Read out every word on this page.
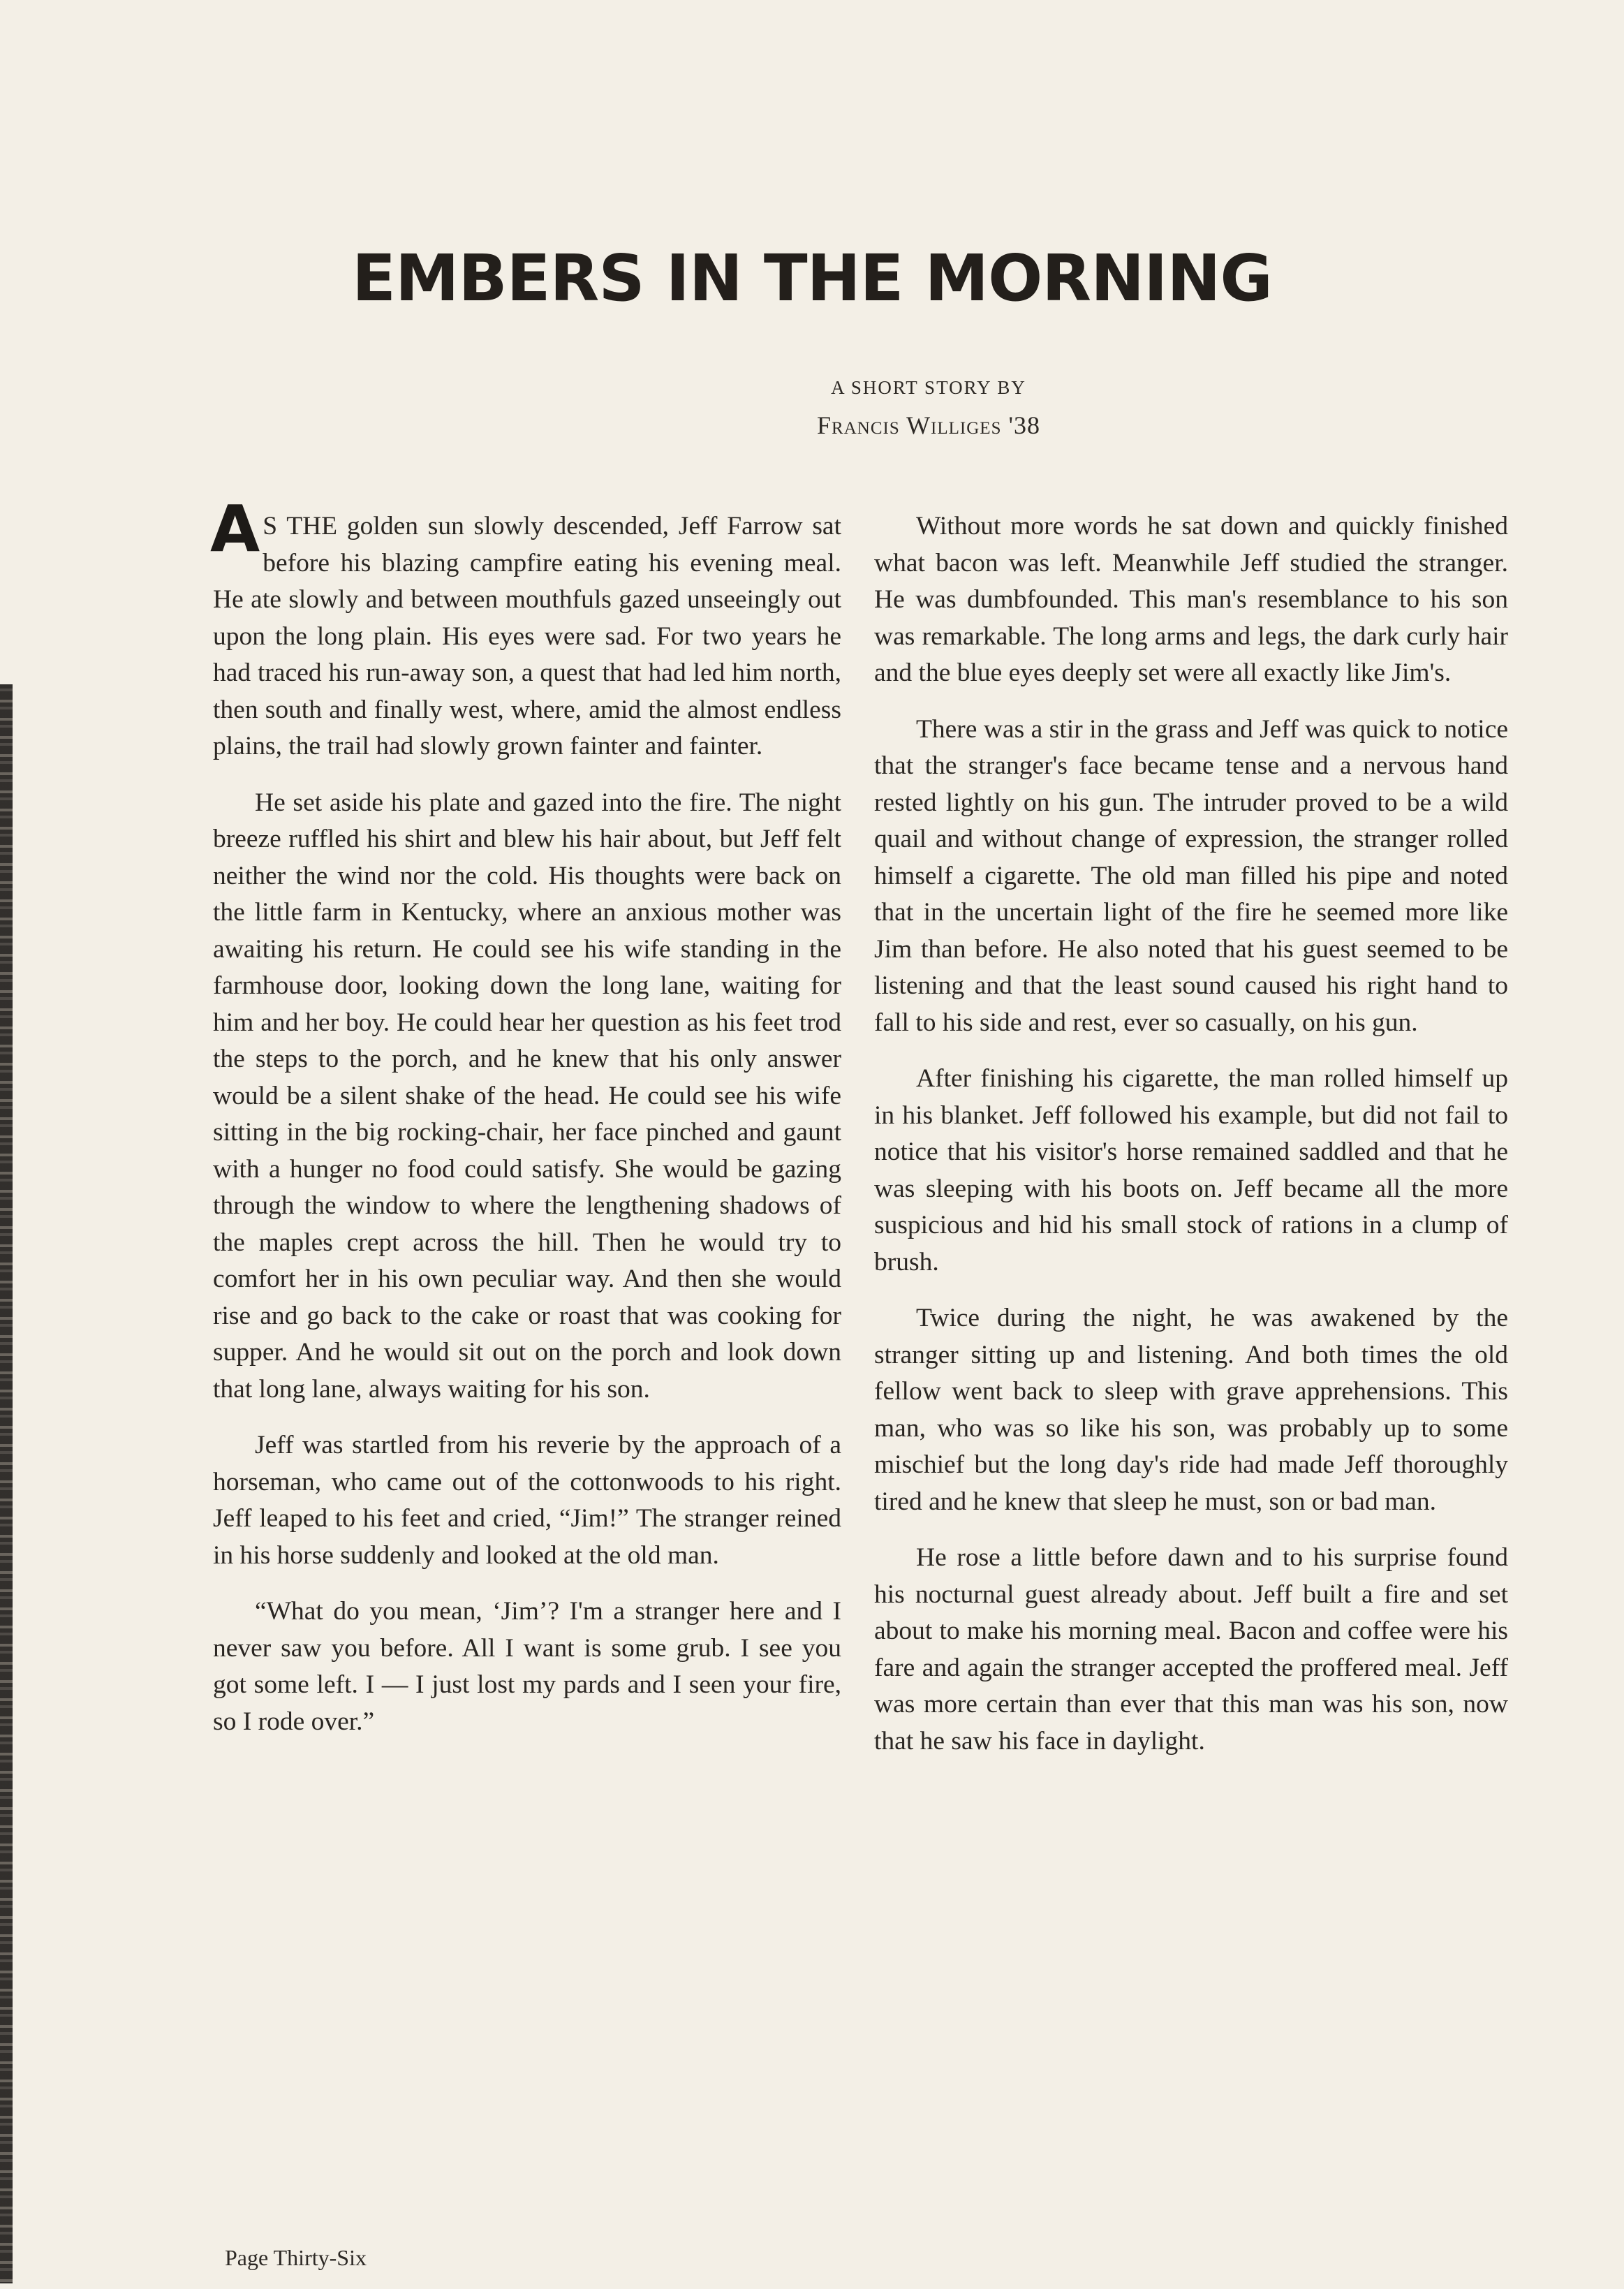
EMBERS IN THE MORNING
A SHORT STORY BY
Francis Williges '38

A S THE golden sun slowly descended, Jeff Farrow sat before his blazing campfire eating his evening meal. He ate slowly and between mouthfuls gazed unseeingly out upon the long plain. His eyes were sad. For two years he had traced his run-away son, a quest that had led him north, then south and finally west, where, amid the almost endless plains, the trail had slowly grown fainter and fainter.

He set aside his plate and gazed into the fire. The night breeze ruffled his shirt and blew his hair about, but Jeff felt neither the wind nor the cold. His thoughts were back on the little farm in Kentucky, where an anxious mother was awaiting his return. He could see his wife standing in the farmhouse door, looking down the long lane, waiting for him and her boy. He could hear her question as his feet trod the steps to the porch, and he knew that his only answer would be a silent shake of the head. He could see his wife sitting in the big rocking-chair, her face pinched and gaunt with a hunger no food could satisfy. She would be gazing through the window to where the lengthening shadows of the maples crept across the hill. Then he would try to comfort her in his own peculiar way. And then she would rise and go back to the cake or roast that was cooking for supper. And he would sit out on the porch and look down that long lane, always waiting for his son.

Jeff was startled from his reverie by the approach of a horseman, who came out of the cottonwoods to his right. Jeff leaped to his feet and cried, “Jim!” The stranger reined in his horse suddenly and looked at the old man.

“What do you mean, ‘Jim’? I'm a stranger here and I never saw you before. All I want is some grub. I see you got some left. I — I just lost my pards and I seen your fire, so I rode over.”

Without more words he sat down and quickly finished what bacon was left. Meanwhile Jeff studied the stranger. He was dumbfounded. This man's resemblance to his son was remarkable. The long arms and legs, the dark curly hair and the blue eyes deeply set were all exactly like Jim's.

There was a stir in the grass and Jeff was quick to notice that the stranger's face became tense and a nervous hand rested lightly on his gun. The intruder proved to be a wild quail and without change of expression, the stranger rolled himself a cigarette. The old man filled his pipe and noted that in the uncertain light of the fire he seemed more like Jim than before. He also noted that his guest seemed to be listening and that the least sound caused his right hand to fall to his side and rest, ever so casually, on his gun.

After finishing his cigarette, the man rolled himself up in his blanket. Jeff followed his example, but did not fail to notice that his visitor's horse remained saddled and that he was sleeping with his boots on. Jeff became all the more suspicious and hid his small stock of rations in a clump of brush.

Twice during the night, he was awakened by the stranger sitting up and listening. And both times the old fellow went back to sleep with grave apprehensions. This man, who was so like his son, was probably up to some mischief but the long day's ride had made Jeff thoroughly tired and he knew that sleep he must, son or bad man.

He rose a little before dawn and to his surprise found his nocturnal guest already about. Jeff built a fire and set about to make his morning meal. Bacon and coffee were his fare and again the stranger accepted the proffered meal. Jeff was more certain than ever that this man was his son, now that he saw his face in daylight.

Page Thirty-Six
